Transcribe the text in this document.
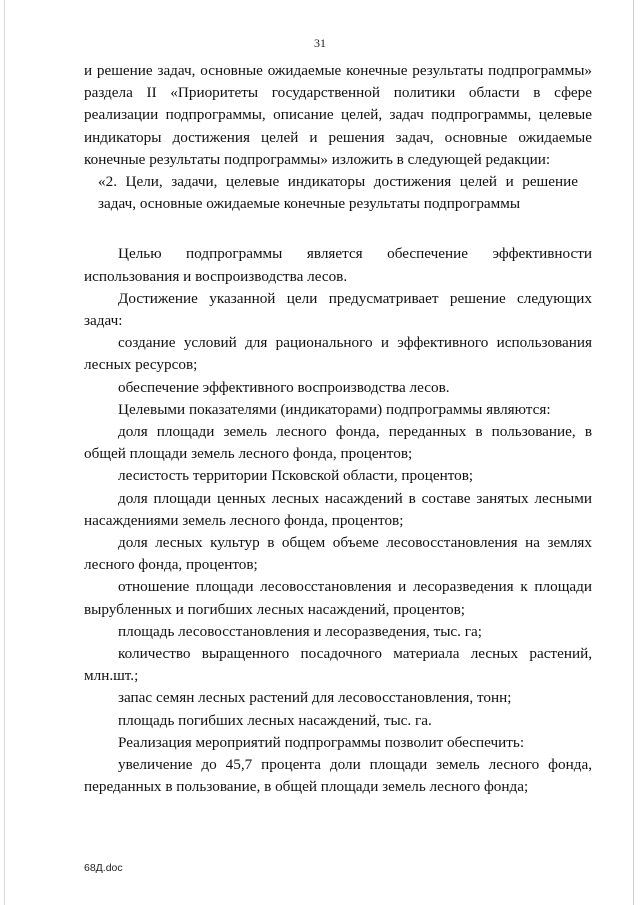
31

и решение задач, основные ожидаемые конечные результаты подпрограммы» раздела II «Приоритеты государственной политики области в сфере реализации подпрограммы, описание целей, задач подпрограммы, целевые индикаторы достижения целей и решения задач, основные ожидаемые конечные результаты подпрограммы» изложить в следующей редакции:

«2. Цели, задачи, целевые индикаторы достижения целей и решение задач, основные ожидаемые конечные результаты подпрограммы

Целью подпрограммы является обеспечение эффективности использования и воспроизводства лесов.

Достижение указанной цели предусматривает решение следующих задач:

создание условий для рационального и эффективного использования лесных ресурсов;

обеспечение эффективного воспроизводства лесов.

Целевыми показателями (индикаторами) подпрограммы являются:

доля площади земель лесного фонда, переданных в пользование, в общей площади земель лесного фонда, процентов;

лесистость территории Псковской области, процентов;

доля площади ценных лесных насаждений в составе занятых лесными насаждениями земель лесного фонда, процентов;

доля лесных культур в общем объеме лесовосстановления на землях лесного фонда, процентов;

отношение площади лесовосстановления и лесоразведения к площади вырубленных и погибших лесных насаждений, процентов;

площадь лесовосстановления и лесоразведения, тыс. га;

количество выращенного посадочного материала лесных растений, млн.шт.;

запас семян лесных растений для лесовосстановления, тонн;

площадь погибших лесных насаждений, тыс. га.

Реализация мероприятий подпрограммы позволит обеспечить:

увеличение до 45,7 процента доли площади земель лесного фонда, переданных в пользование, в общей площади земель лесного фонда;

68Д.doc
